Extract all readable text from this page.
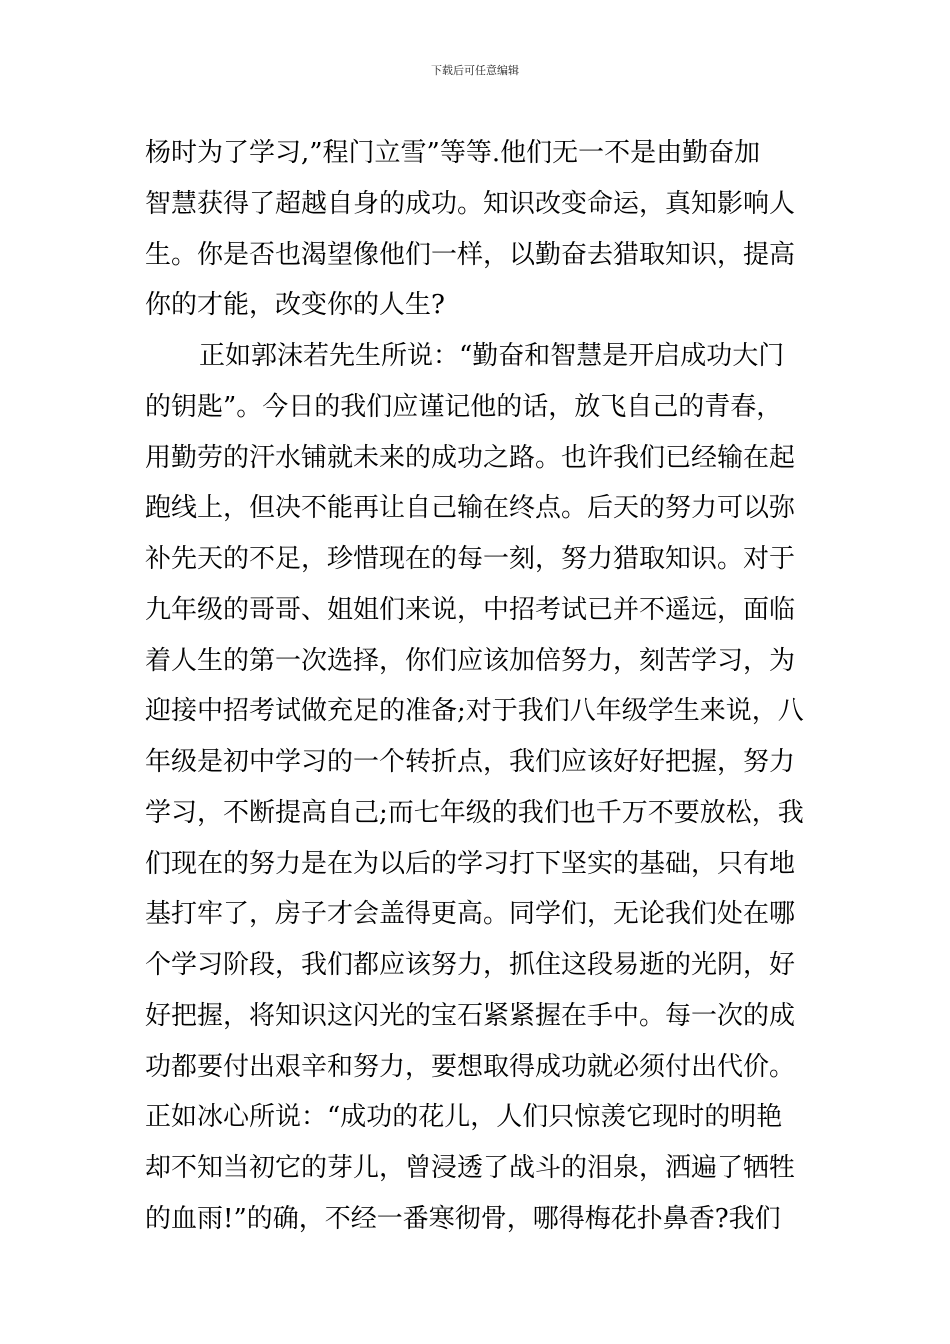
下载后可任意编辑
杨时为了学习,”程门立雪”等等.他们无一不是由勤奋加
智慧获得了超越自身的成功。知识改变命运，真知影响人
生。你是否也渴望像他们一样，以勤奋去猎取知识，提高
你的才能，改变你的人生?
正如郭沫若先生所说：“勤奋和智慧是开启成功大门
的钥匙”。今日的我们应谨记他的话，放飞自己的青春，
用勤劳的汗水铺就未来的成功之路。也许我们已经输在起
跑线上，但决不能再让自己输在终点。后天的努力可以弥
补先天的不足，珍惜现在的每一刻，努力猎取知识。对于
九年级的哥哥、姐姐们来说，中招考试已并不遥远，面临
着人生的第一次选择，你们应该加倍努力，刻苦学习，为
迎接中招考试做充足的准备;对于我们八年级学生来说，八
年级是初中学习的一个转折点，我们应该好好把握，努力
学习，不断提高自己;而七年级的我们也千万不要放松，我
们现在的努力是在为以后的学习打下坚实的基础，只有地
基打牢了，房子才会盖得更高。同学们，无论我们处在哪
个学习阶段，我们都应该努力，抓住这段易逝的光阴，好
好把握，将知识这闪光的宝石紧紧握在手中。每一次的成
功都要付出艰辛和努力，要想取得成功就必须付出代价。
正如冰心所说：“成功的花儿，人们只惊羡它现时的明艳
却不知当初它的芽儿，曾浸透了战斗的泪泉，洒遍了牺牲
的血雨!”的确，不经一番寒彻骨，哪得梅花扑鼻香?我们
